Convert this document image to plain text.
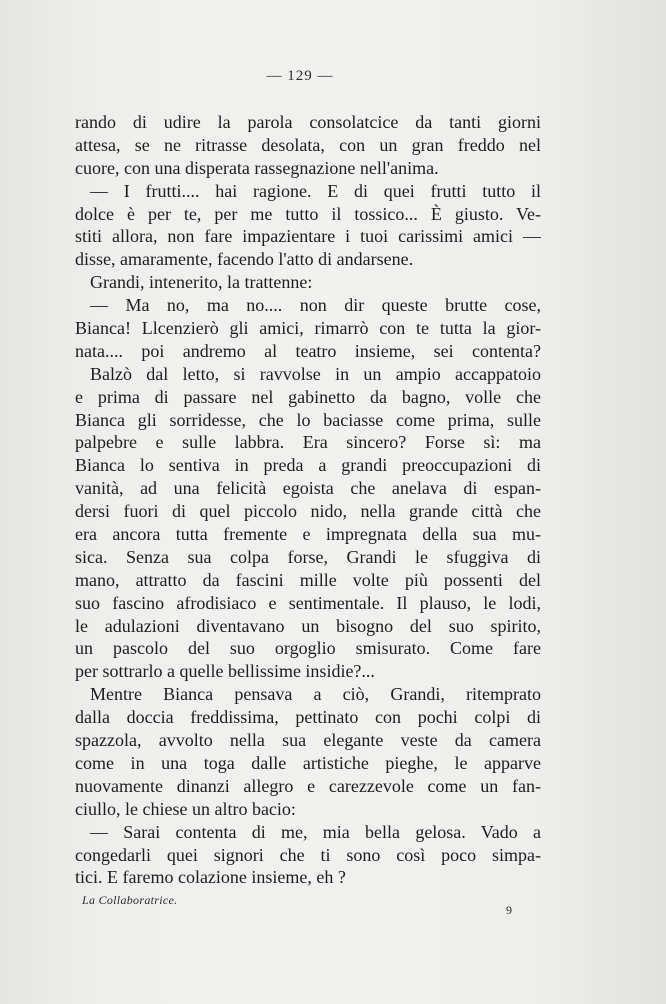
— 129 —
rando di udire la parola consolatcice da tanti giorni
attesa, se ne ritrasse desolata, con un gran freddo nel
cuore, con una disperata rassegnazione nell'anima.
— I frutti.... hai ragione. E di quei frutti tutto il
dolce è per te, per me tutto il tossico... È giusto. Ve-
stiti allora, non fare impazientare i tuoi carissimi amici —
disse, amaramente, facendo l'atto di andarsene.
Grandi, intenerito, la trattenne:
— Ma no, ma no.... non dir queste brutte cose,
Bianca! Llcenzierò gli amici, rimarrò con te tutta la gior-
nata.... poi andremo al teatro insieme, sei contenta?
Balzò dal letto, si ravvolse in un ampio accappatoio
e prima di passare nel gabinetto da bagno, volle che
Bianca gli sorridesse, che lo baciasse come prima, sulle
palpebre e sulle labbra. Era sincero? Forse sì: ma
Bianca lo sentiva in preda a grandi preoccupazioni di
vanità, ad una felicità egoista che anelava di espan-
dersi fuori di quel piccolo nido, nella grande città che
era ancora tutta fremente e impregnata della sua mu-
sica. Senza sua colpa forse, Grandi le sfuggiva di
mano, attratto da fascini mille volte più possenti del
suo fascino afrodisiaco e sentimentale. Il plauso, le lodi,
le adulazioni diventavano un bisogno del suo spirito,
un pascolo del suo orgoglio smisurato. Come fare
per sottrarlo a quelle bellissime insidie?...
Mentre Bianca pensava a ciò, Grandi, ritemprato
dalla doccia freddissima, pettinato con pochi colpi di
spazzola, avvolto nella sua elegante veste da camera
come in una toga dalle artistiche pieghe, le apparve
nuovamente dinanzi allegro e carezzevole come un fan-
ciullo, le chiese un altro bacio:
— Sarai contenta di me, mia bella gelosa. Vado a
congedarli quei signori che ti sono così poco simpa-
tici. E faremo colazione insieme, eh ?
La Collaboratrice.
9
